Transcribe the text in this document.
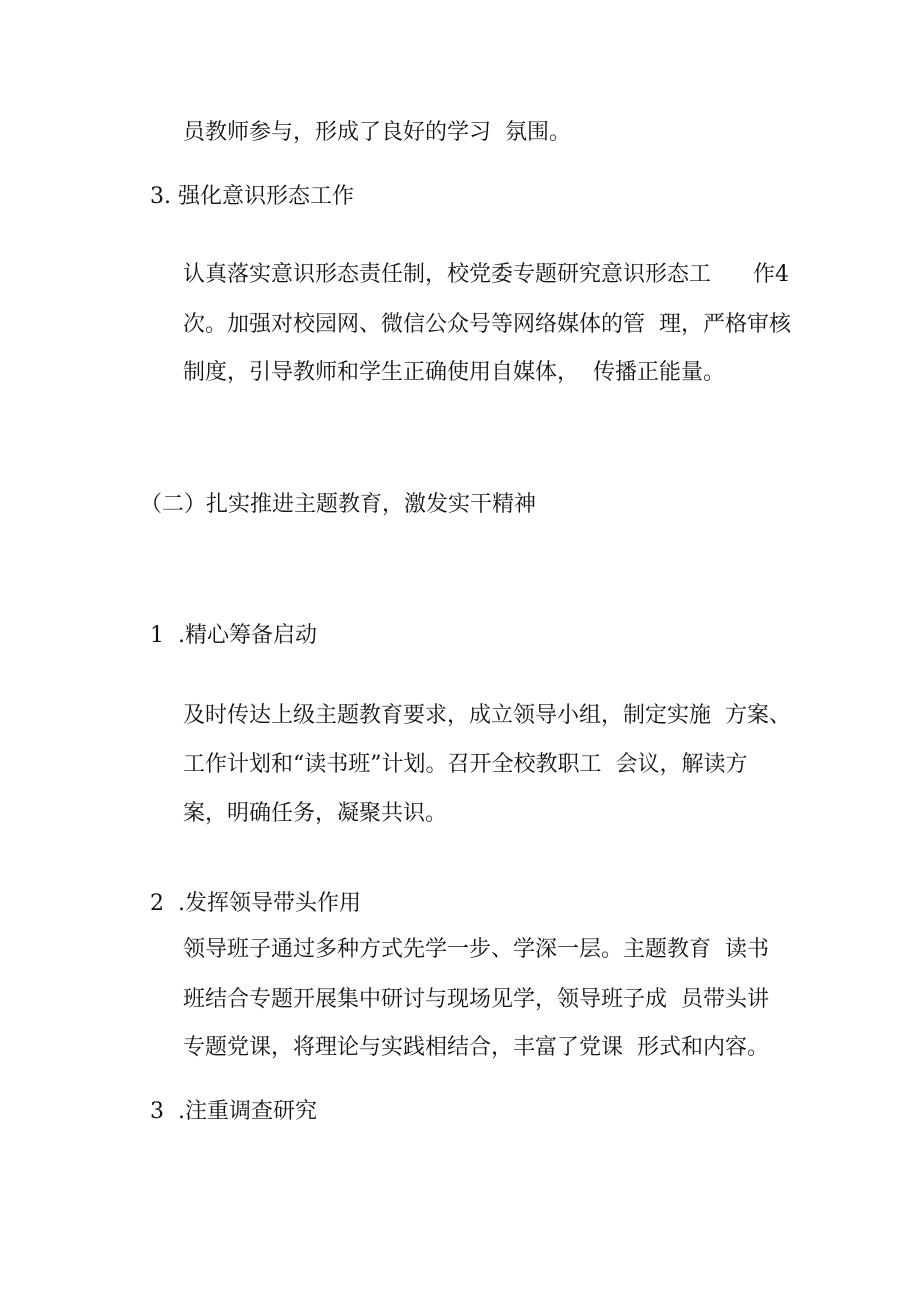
员教师参与，形成了良好的学习  氛围。

3. 强化意识形态工作

认真落实意识形态责任制，校党委专题研究意识形态工      作4

次。加强对校园网、微信公众号等网络媒体的管  理，严格审核

制度，引导教师和学生正确使用自媒体，  传播正能量。

（二）扎实推进主题教育，激发实干精神

1  .精心筹备启动

及时传达上级主题教育要求，成立领导小组，制定实施  方案、

工作计划和“读书班”计划。召开全校教职工  会议，解读方

案，明确任务，凝聚共识。

2  .发挥领导带头作用

领导班子通过多种方式先学一步、学深一层。主题教育  读书

班结合专题开展集中研讨与现场见学，领导班子成  员带头讲

专题党课，将理论与实践相结合，丰富了党课  形式和内容。

3  .注重调查研究
